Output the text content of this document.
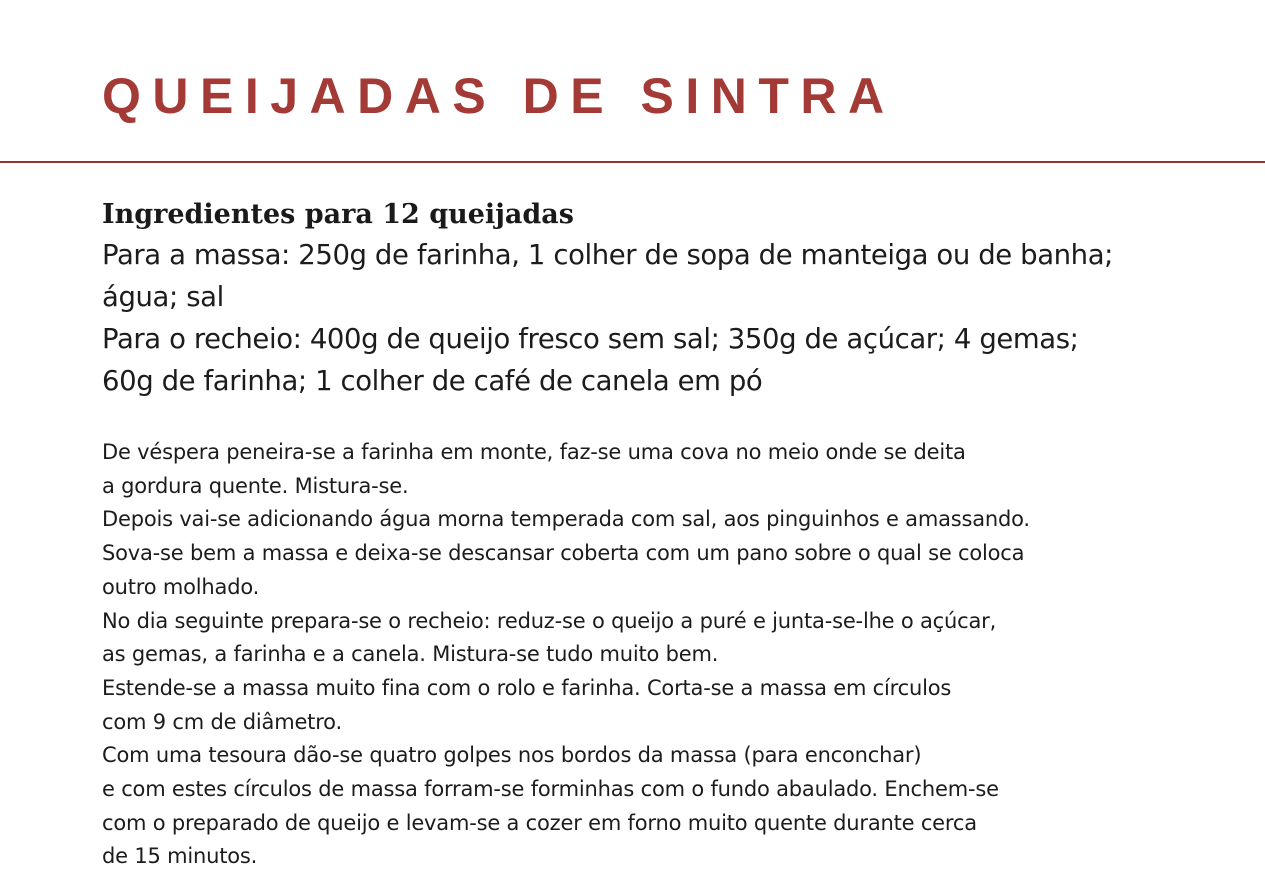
QUEIJADAS DE SINTRA

Ingredientes para 12 queijadas

Para a massa: 250g de farinha, 1 colher de sopa de manteiga ou de banha;

água; sal

Para o recheio: 400g de queijo fresco sem sal; 350g de açúcar; 4 gemas;

60g de farinha; 1 colher de café de canela em pó

De véspera peneira-se a farinha em monte, faz-se uma cova no meio onde se deita

a gordura quente. Mistura-se.

Depois vai-se adicionando água morna temperada com sal, aos pinguinhos e amassando.

Sova-se bem a massa e deixa-se descansar coberta com um pano sobre o qual se coloca

outro molhado.

No dia seguinte prepara-se o recheio: reduz-se o queijo a puré e junta-se-lhe o açúcar,

as gemas, a farinha e a canela. Mistura-se tudo muito bem.

Estende-se a massa muito fina com o rolo e farinha. Corta-se a massa em círculos

com 9 cm de diâmetro.

Com uma tesoura dão-se quatro golpes nos bordos da massa (para enconchar)

e com estes círculos de massa forram-se forminhas com o fundo abaulado. Enchem-se

com o preparado de queijo e levam-se a cozer em forno muito quente durante cerca

de 15 minutos.
